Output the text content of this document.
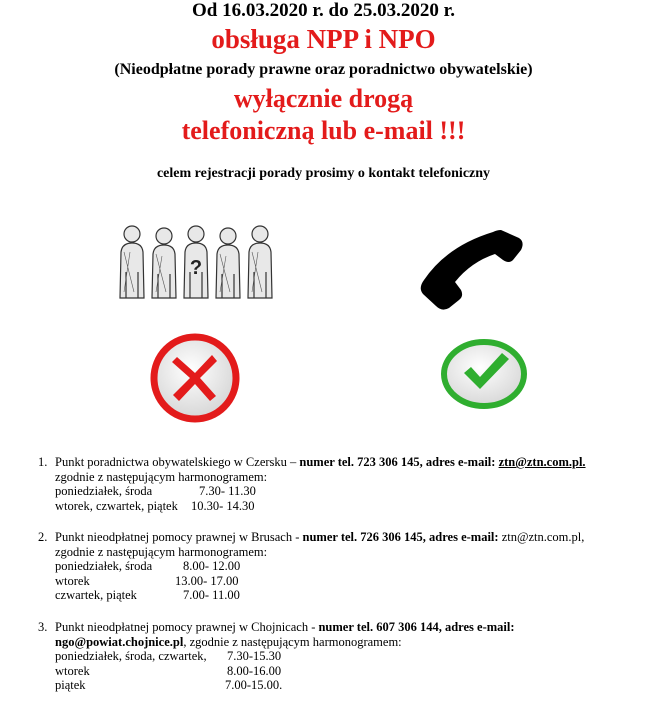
Od 16.03.2020 r. do 25.03.2020 r.
obsługa NPP i NPO
(Nieodpłatne porady prawne oraz poradnictwo obywatelskie)
wyłącznie drogą
telefoniczną lub e-mail !!!
celem rejestracji porady prosimy o kontakt telefoniczny
?
1. Punkt poradnictwa obywatelskiego w Czersku – numer tel. 723 306 145, adres e-mail: ztn@ztn.com.pl.
zgodnie z następującym harmonogramem:
poniedziałek, środa	7.30- 11.30
wtorek, czwartek, piątek 10.30- 14.30
2. Punkt nieodpłatnej pomocy prawnej w Brusach - numer tel. 726 306 145, adres e-mail: ztn@ztn.com.pl,
zgodnie z następującym harmonogramem:
poniedziałek, środa 8.00- 12.00
wtorek	13.00- 17.00
czwartek, piątek	7.00- 11.00
3. Punkt nieodpłatnej pomocy prawnej w Chojnicach - numer tel. 607 306 144, adres e-mail:
ngo@powiat.chojnice.pl, zgodnie z następującym harmonogramem:
poniedziałek, środa, czwartek, 7.30-15.30
wtorek	8.00-16.00
piątek	7.00-15.00.
